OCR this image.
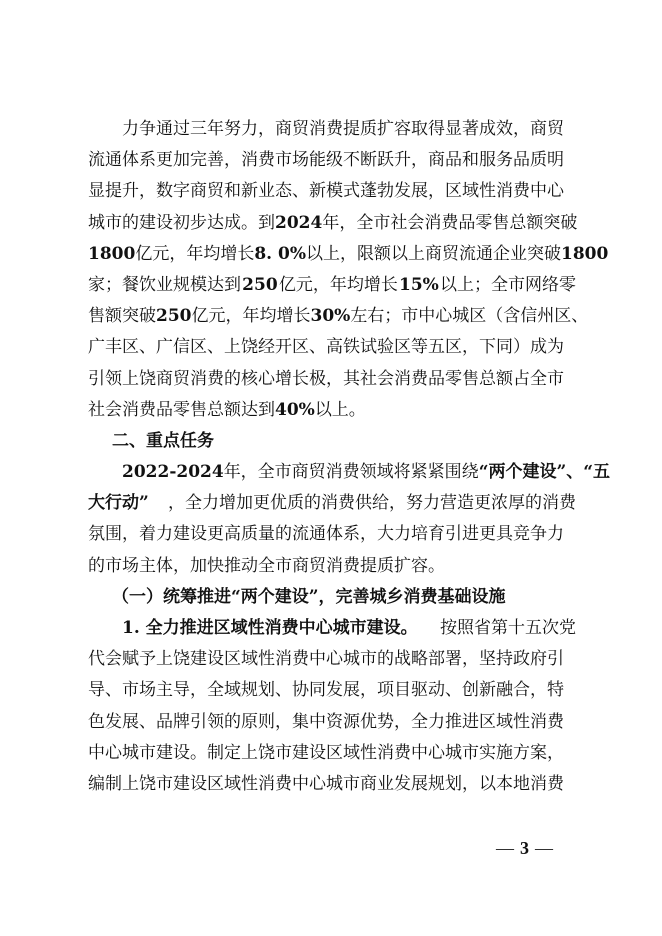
力争通过三年努力，商贸消费提质扩容取得显著成效，商贸
流通体系更加完善，消费市场能级不断跃升，商品和服务品质明
显提升，数字商贸和新业态、新模式蓬勃发展，区域性消费中心
城市的建设初步达成。到 2024 年，全市社会消费品零售总额突破
1800 亿元，年均增长 8. 0% 以上，限额以上商贸流通企业突破 1800
家；餐饮业规模达到 250 亿元，年均增长 15% 以上；全市网络零
售额突破 250 亿元，年均增长 30% 左右；市中心城区（含信州区、
广丰区、广信区、上饶经开区、高铁试验区等五区，下同）成为
引领上饶商贸消费的核心增长极，其社会消费品零售总额占全市
社会消费品零售总额达到 40% 以上。
二、重点任务
2022-2024 年，全市商贸消费领域将紧紧围绕 “两个建设”、“五
大行动” ，全力增加更优质的消费供给，努力营造更浓厚的消费
氛围，着力建设更高质量的流通体系，大力培育引进更具竞争力
的市场主体，加快推动全市商贸消费提质扩容。
（一）统筹推进“两个建设”，完善城乡消费基础设施
1. 全力推进区域性消费中心城市建设。 按照省第十五次党
代会赋予上饶建设区域性消费中心城市的战略部署，坚持政府引
导、市场主导，全域规划、协同发展，项目驱动、创新融合，特
色发展、品牌引领的原则，集中资源优势，全力推进区域性消费
中心城市建设。制定上饶市建设区域性消费中心城市实施方案，
编制上饶市建设区域性消费中心城市商业发展规划，以本地消费
— 3 —
